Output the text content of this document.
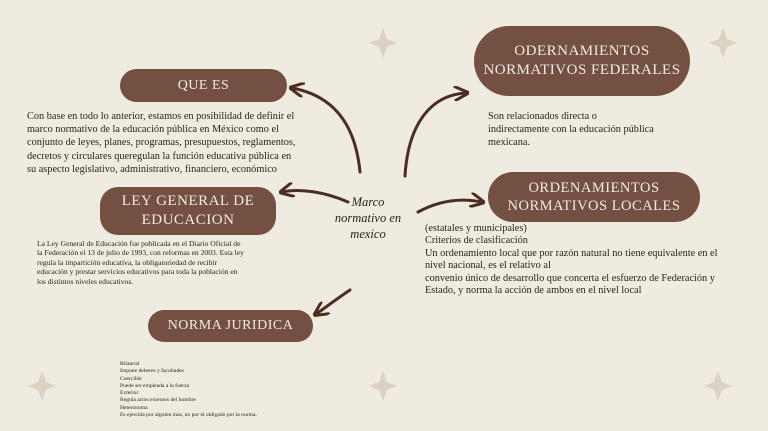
Marco
normativo en
mexico
QUE ES
Con base en todo lo anterior, estamos en posibilidad de definir el
marco normativo de la educación pública en México como el
conjunto de leyes, planes, programas, presupuestos, reglamentos,
decretos y circulares queregulan la función educativa pública en
su aspecto legislativo, administrativo, financiero, económico
LEY GENERAL DE
EDUCACION
La Ley General de Educación fue publicada en el Diario Oficial de
la Federación el 13 de julio de 1993, con reformas en 2003. Esta ley
regula la impartición educativa, la obligatoriedad de recibir
educación y prestar servicios educativos para toda la población en
los distintos niveles educativos.
NORMA JURIDICA
Bilateral
Impone deberes y facultades
Coercible
Puede ser empleada a la fuerza
Exterior
Regula actos externos del hombre
Heterónoma
Es ejercida por alguien mas, no por el obligado por la norma.
ODERNAMIENTOS
NORMATIVOS FEDERALES
Son relacionados directa o
indirectamente con la educación pública
mexicana.
ORDENAMIENTOS
NORMATIVOS LOCALES
(estatales y municipales)
Criterios de clasificación
Un ordenamiento local que por razón natural no tiene equivalente en el
nivel nacional, es el relativo al
convenio único de desarrollo que concerta el esfuerzo de Federación y
Estado, y norma la acción de ambos en el nivel local
